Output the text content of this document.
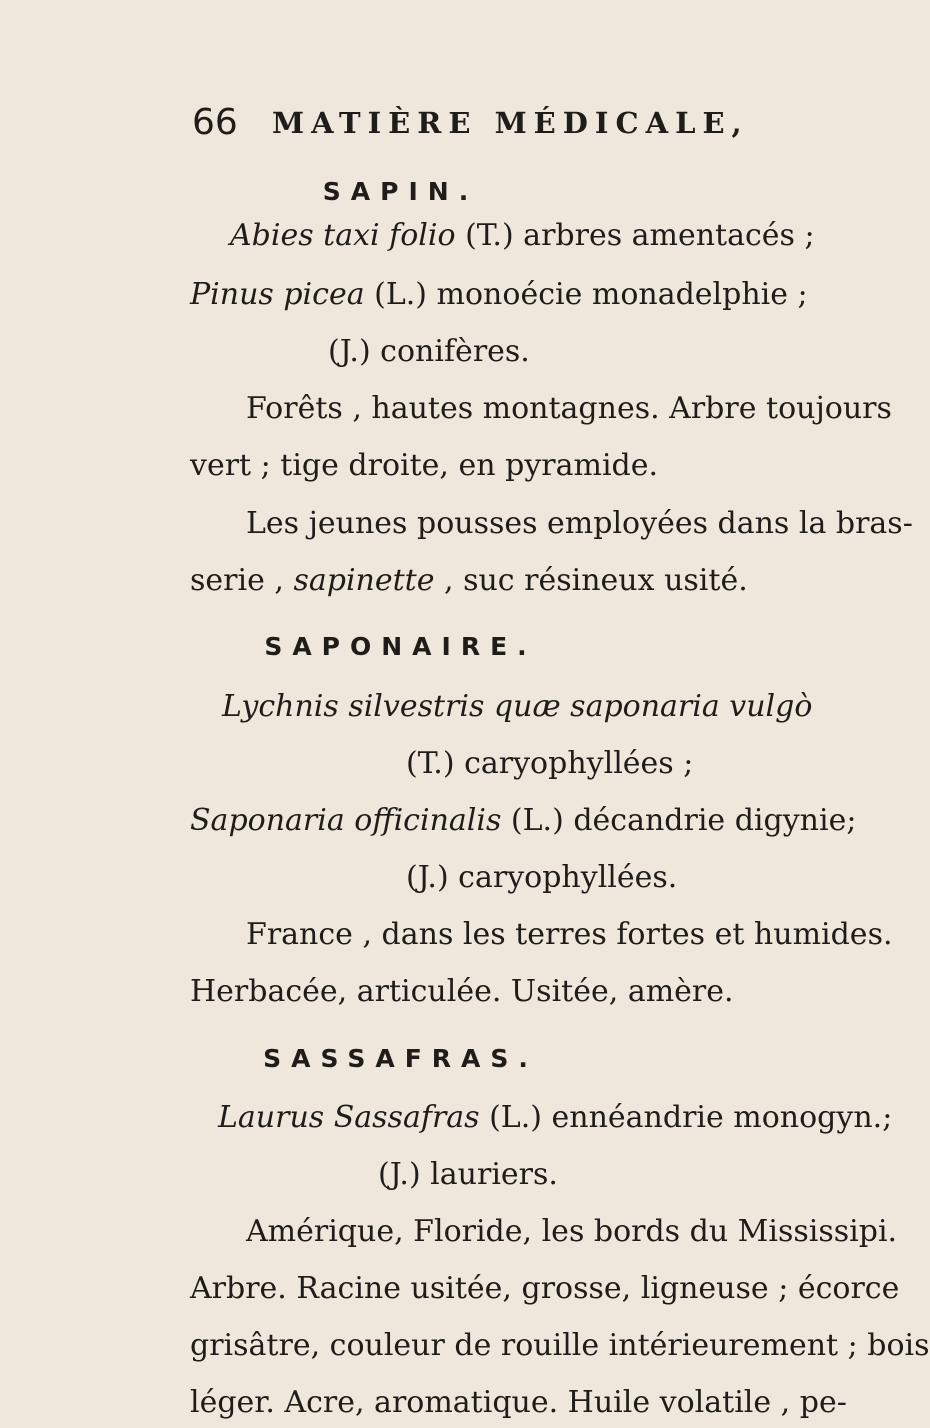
66 MATIÈRE MÉDICALE,
SAPIN.
Abies taxi folio (T.) arbres amentacés ;
Pinus picea (L.) monoécie monadelphie ;
(J.) conifères.
Forêts , hautes montagnes. Arbre toujours
vert ; tige droite, en pyramide.
Les jeunes pousses employées dans la bras-
serie , sapinette , suc résineux usité.
SAPONAIRE.
Lychnis silvestris quæ saponaria vulgò
(T.) caryophyllées ;
Saponaria officinalis (L.) décandrie digynie;
(J.) caryophyllées.
France , dans les terres fortes et humides.
Herbacée, articulée. Usitée, amère.
SASSAFRAS.
Laurus Sassafras (L.) ennéandrie monogyn.;
(J.) lauriers.
Amérique, Floride, les bords du Mississipi.
Arbre. Racine usitée, grosse, ligneuse ; écorce
grisâtre, couleur de rouille intérieurement ; bois
léger. Acre, aromatique. Huile volatile , pe-
